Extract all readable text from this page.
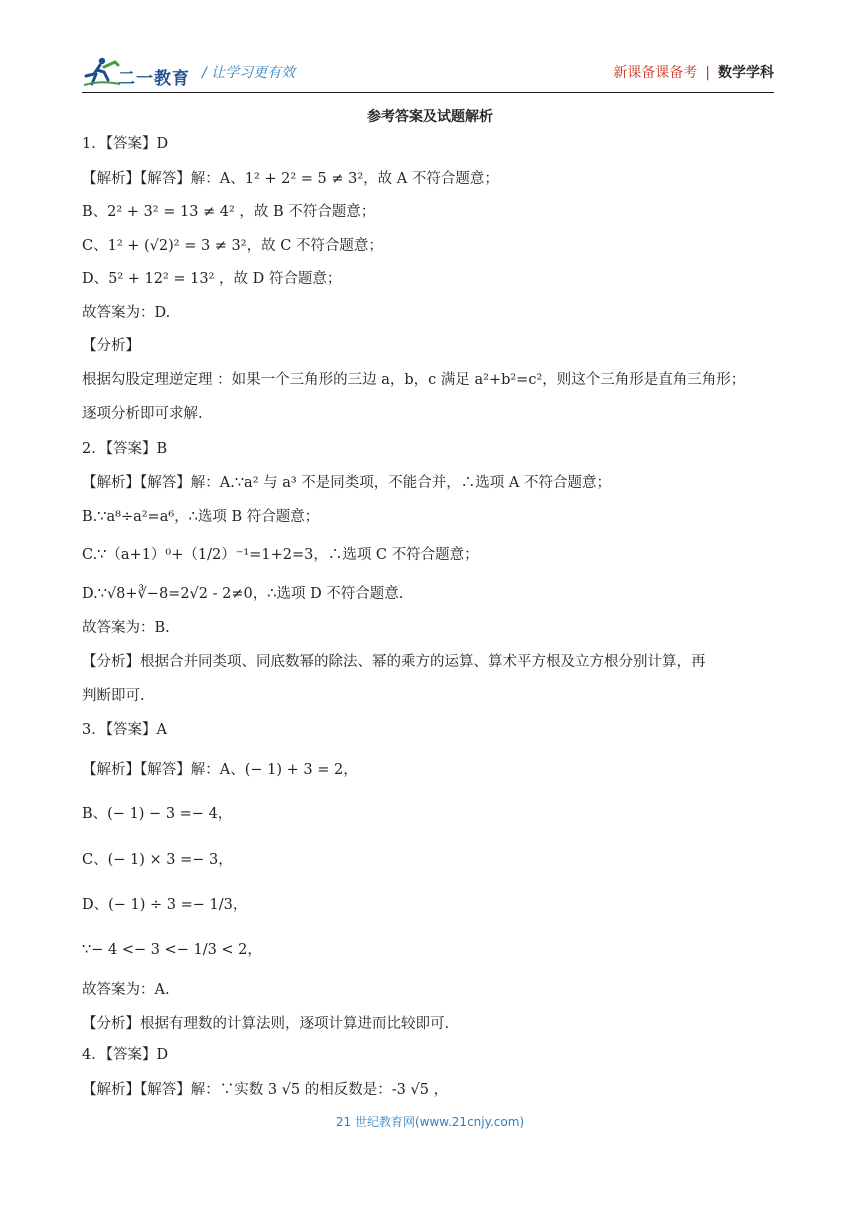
二一教育 / 让学习更有效	新课备课备考 | 数学学科
参考答案及试题解析
1．【答案】D
【解析】【解答】解：A、1² + 2² = 5 ≠ 3²，故 A 不符合题意；
B、2² + 3² = 13 ≠ 4² ，故 B 不符合题意；
C、1² + (√2)² = 3 ≠ 3²，故 C 不符合题意；
D、5² + 12² = 13² ，故 D 符合题意；
故答案为：D.
【分析】
根据勾股定理逆定理 ：如果一个三角形的三边 a，b，c 满足 a²+b²=c²，则这个三角形是直角三角形；
逐项分析即可求解.
2．【答案】B
【解析】【解答】解：A.∵a² 与 a³ 不是同类项，不能合并，∴选项 A 不符合题意；
B.∵a⁸÷a²=a⁶，∴选项 B 符合题意；
C.∵（a+1）⁰+（1/2）⁻¹=1+2=3，∴选项 C 不符合题意；
D.∵√8+∛−8=2√2 - 2≠0，∴选项 D 不符合题意.
故答案为：B.
【分析】根据合并同类项、同底数幂的除法、幂的乘方的运算、算术平方根及立方根分别计算，再
判断即可.
3．【答案】A
【解析】【解答】解：A、(− 1) + 3 = 2，
B、(− 1) − 3 =− 4，
C、(− 1) × 3 =− 3，
D、(− 1) ÷ 3 =− 1/3，
∵− 4 <− 3 <− 1/3 < 2，
故答案为：A.
【分析】根据有理数的计算法则，逐项计算进而比较即可.
4．【答案】D
【解析】【解答】解：∵实数 3 √5 的相反数是：-3 √5 ，
21 世纪教育网(www.21cnjy.com)
